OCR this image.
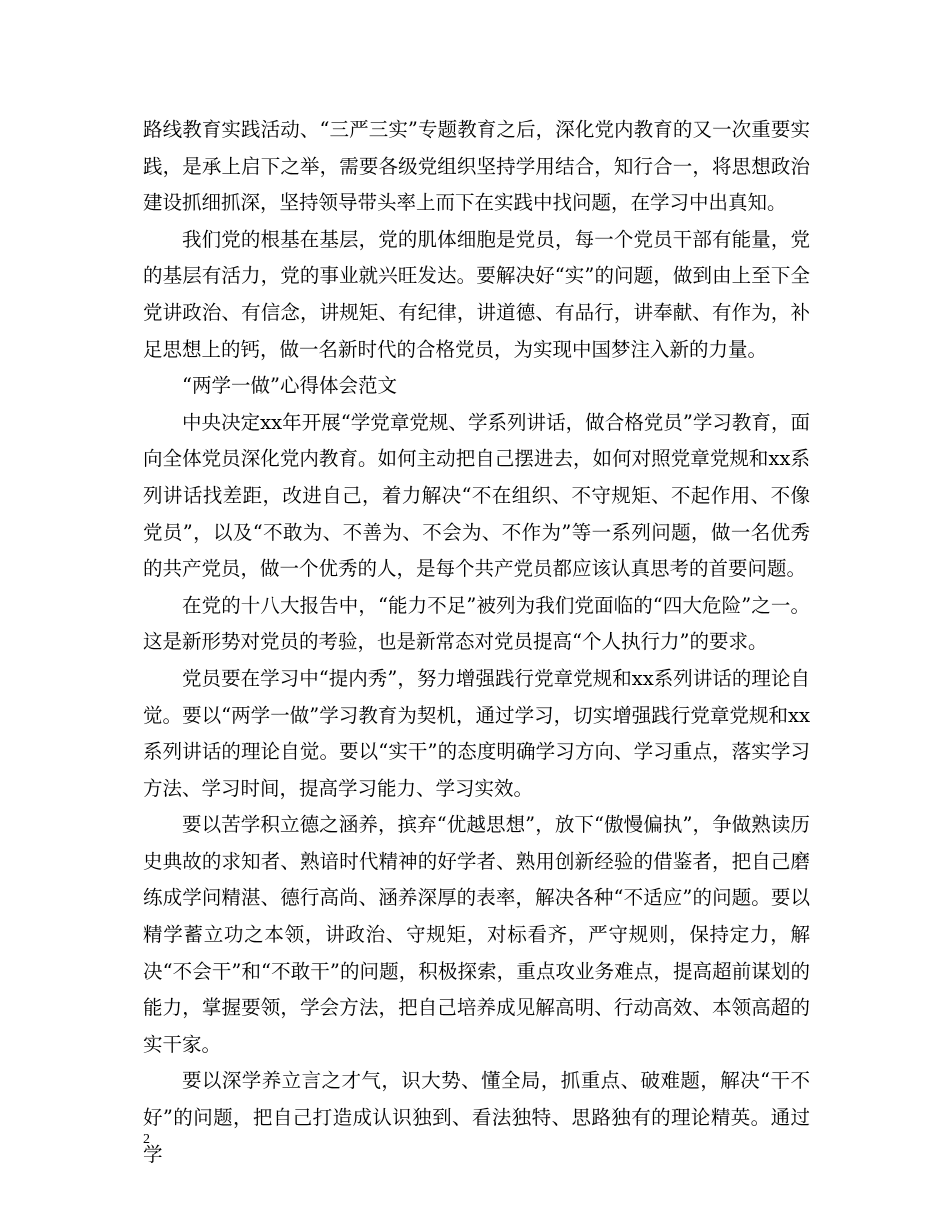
路线教育实践活动、“三严三实”专题教育之后，深化党内教育的又一次重要实践，是承上启下之举，需要各级党组织坚持学用结合，知行合一，将思想政治建设抓细抓深，坚持领导带头率上而下在实践中找问题，在学习中出真知。

我们党的根基在基层，党的肌体细胞是党员，每一个党员干部有能量，党的基层有活力，党的事业就兴旺发达。要解决好“实”的问题，做到由上至下全党讲政治、有信念，讲规矩、有纪律，讲道德、有品行，讲奉献、有作为，补足思想上的钙，做一名新时代的合格党员，为实现中国梦注入新的力量。

“两学一做”心得体会范文

中央决定xx年开展“学党章党规、学系列讲话，做合格党员”学习教育，面向全体党员深化党内教育。如何主动把自己摆进去，如何对照党章党规和xx系列讲话找差距，改进自己，着力解决“不在组织、不守规矩、不起作用、不像党员”，以及“不敢为、不善为、不会为、不作为”等一系列问题，做一名优秀的共产党员，做一个优秀的人，是每个共产党员都应该认真思考的首要问题。

在党的十八大报告中，“能力不足”被列为我们党面临的“四大危险”之一。这是新形势对党员的考验，也是新常态对党员提高“个人执行力”的要求。

党员要在学习中“提内秀”，努力增强践行党章党规和xx系列讲话的理论自觉。要以“两学一做”学习教育为契机，通过学习，切实增强践行党章党规和xx系列讲话的理论自觉。要以“实干”的态度明确学习方向、学习重点，落实学习方法、学习时间，提高学习能力、学习实效。

要以苦学积立德之涵养，摈弃“优越思想”，放下“傲慢偏执”，争做熟读历史典故的求知者、熟谙时代精神的好学者、熟用创新经验的借鉴者，把自己磨练成学问精湛、德行高尚、涵养深厚的表率，解决各种“不适应”的问题。要以精学蓄立功之本领，讲政治、守规矩，对标看齐，严守规则，保持定力，解决“不会干”和“不敢干”的问题，积极探索，重点攻业务难点，提高超前谋划的能力，掌握要领，学会方法，把自己培养成见解高明、行动高效、本领高超的实干家。

要以深学养立言之才气，识大势、懂全局，抓重点、破难题，解决“干不好”的问题，把自己打造成认识独到、看法独特、思路独有的理论精英。通过学

2
